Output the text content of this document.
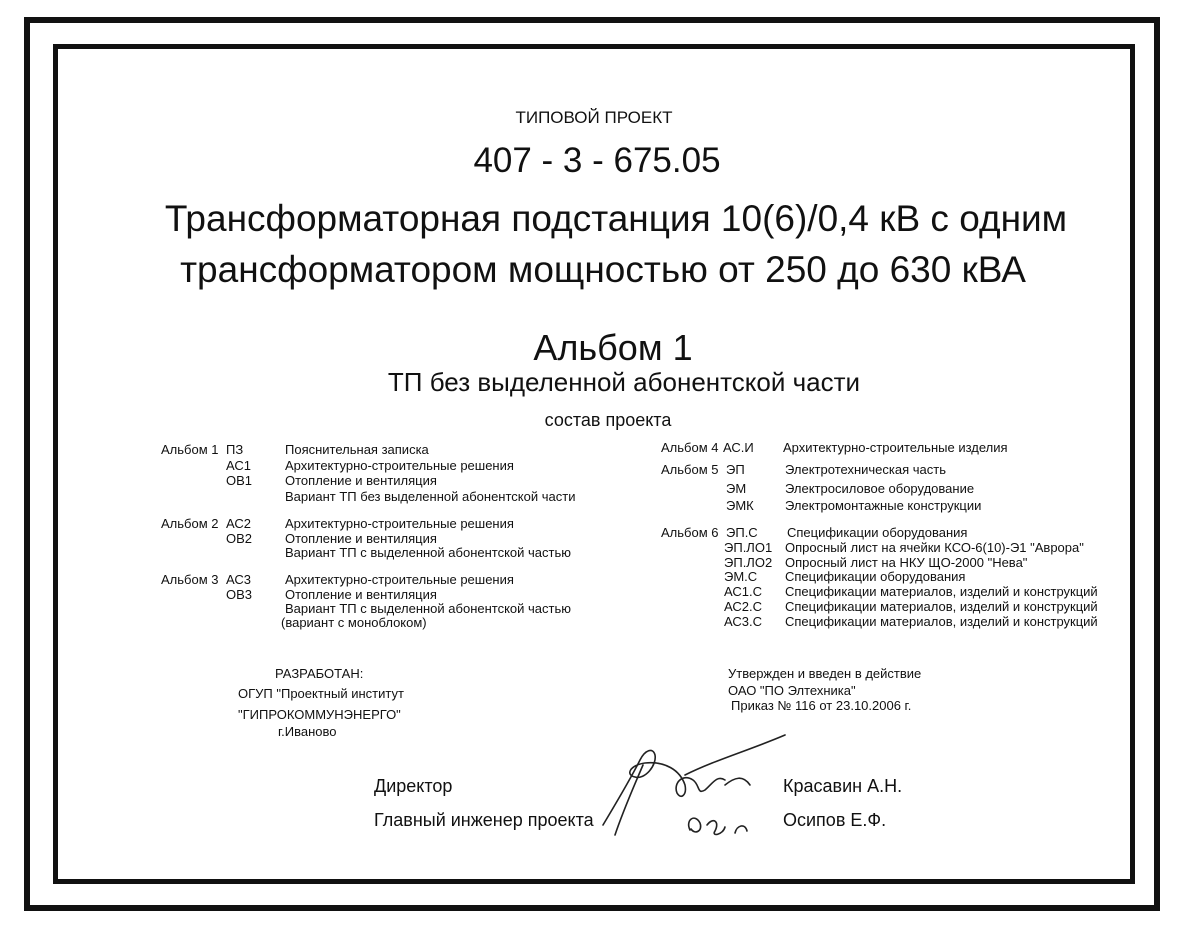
ТИПОВОЙ ПРОЕКТ
407 - 3 - 675.05
Трансформаторная подстанция 10(6)/0,4 кВ с одним
трансформатором мощностью от 250 до 630 кВА
Альбом 1
ТП без выделенной абонентской части
состав проекта
Альбом 1 ПЗ	Пояснительная записка
АС1	Архитектурно-строительные решения
ОВ1	Отопление и вентиляция
Вариант ТП без выделенной абонентской части
Альбом 2 АС2	Архитектурно-строительные решения
ОВ2	Отопление и вентиляция
Вариант ТП с выделенной абонентской частью
Альбом 3 АС3	Архитектурно-строительные решения
ОВ3	Отопление и вентиляция
Вариант ТП с выделенной абонентской частью
(вариант с моноблоком)
Альбом 4 АС.И Архитектурно-строительные изделия
Альбом 5 ЭП	Электротехническая часть
ЭМ	Электросиловое оборудование
ЭМК Электромонтажные конструкции
Альбом 6 ЭП.С Спецификации оборудования
ЭП.ЛО1 Опросный лист на ячейки КСО-6(10)-Э1 "Аврора"
ЭП.ЛО2 Опросный лист на НКУ ЩО-2000 "Нева"
ЭМ.С Спецификации оборудования
АС1.С Спецификации материалов, изделий и конструкций
АС2.С Спецификации материалов, изделий и конструкций
АС3.С Спецификации материалов, изделий и конструкций
РАЗРАБОТАН:
ОГУП "Проектный институт
"ГИПРОКОММУНЭНЕРГО"
г.Иваново
Утвержден и введен в действие
ОАО "ПО Элтехника"
Приказ № 116 от 23.10.2006 г.
Директор	Красавин А.Н.
Главный инженер проекта	Осипов Е.Ф.
